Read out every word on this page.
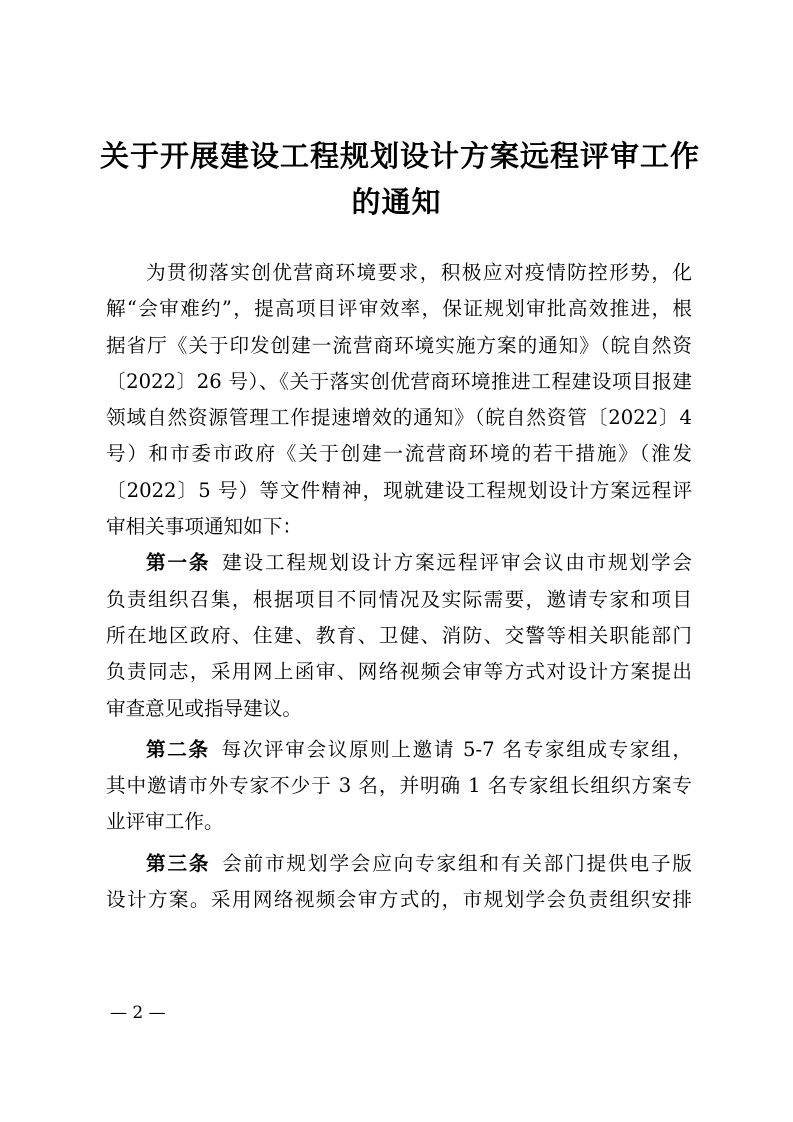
关于开展建设工程规划设计方案远程评审工作
的通知
为贯彻落实创优营商环境要求，积极应对疫情防控形势，化
解“会审难约”，提高项目评审效率，保证规划审批高效推进，根
据省厅《关于印发创建一流营商环境实施方案的通知》（皖自然资
〔2022〕26 号）、《关于落实创优营商环境推进工程建设项目报建
领域自然资源管理工作提速增效的通知》（皖自然资管〔2022〕4
号）和市委市政府《关于创建一流营商环境的若干措施》（淮发
〔2022〕5 号）等文件精神，现就建设工程规划设计方案远程评
审相关事项通知如下：
第一条 建设工程规划设计方案远程评审会议由市规划学会
负责组织召集，根据项目不同情况及实际需要，邀请专家和项目
所在地区政府、住建、教育、卫健、消防、交警等相关职能部门
负责同志，采用网上函审、网络视频会审等方式对设计方案提出
审查意见或指导建议。
第二条 每次评审会议原则上邀请 5-7 名专家组成专家组，
其中邀请市外专家不少于 3 名，并明确 1 名专家组长组织方案专
业评审工作。
第三条 会前市规划学会应向专家组和有关部门提供电子版
设计方案。采用网络视频会审方式的，市规划学会负责组织安排
— 2 —
